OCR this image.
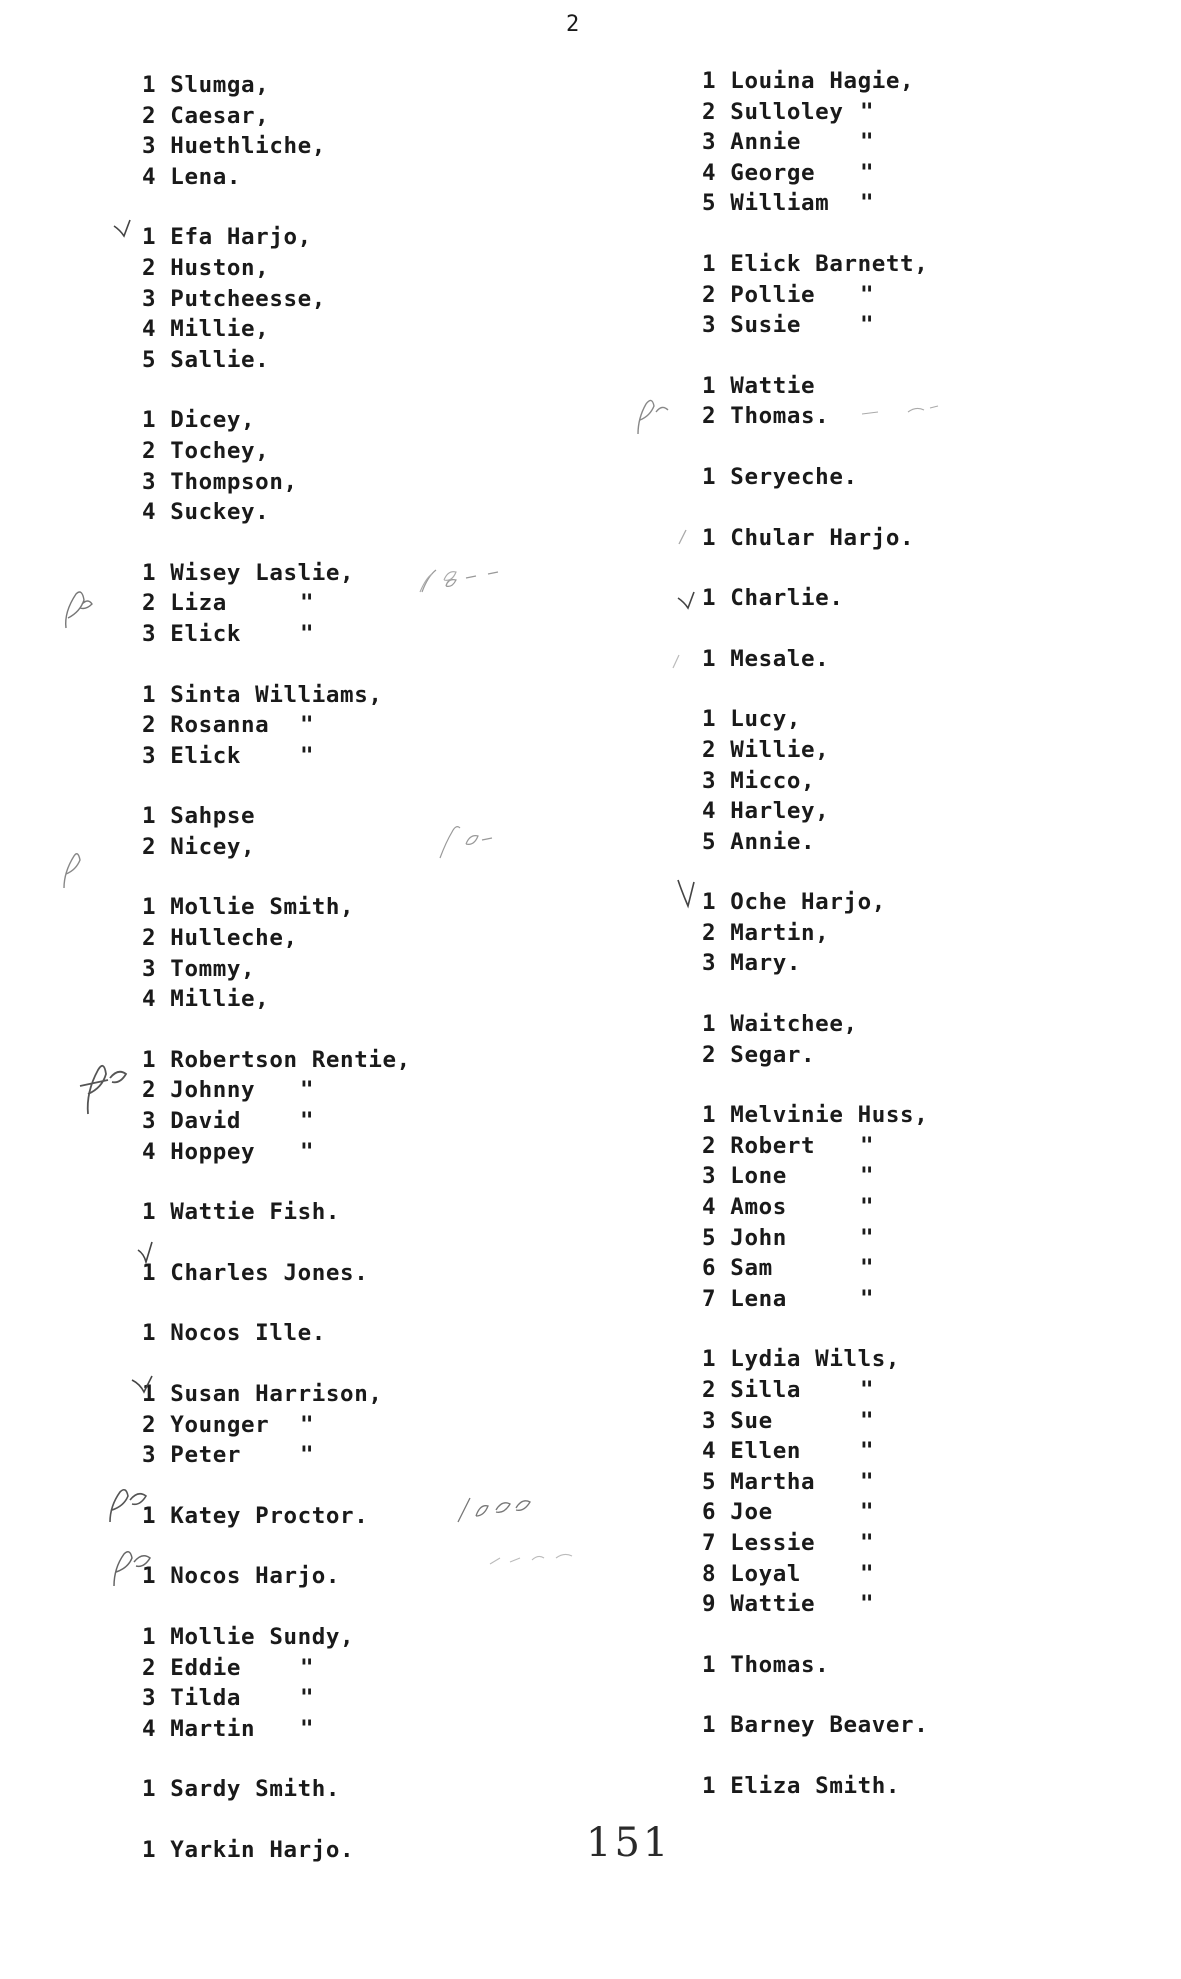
2
1 Slumga,
2 Caesar,
3 Huethliche,
4 Lena.
1 Efa Harjo,
2 Huston,
3 Putcheesse,
4 Millie,
5 Sallie.
1 Dicey,
2 Tochey,
3 Thompson,
4 Suckey.
1 Wisey Laslie,
2 Liza	"
3 Elick	"
1 Sinta Williams,
2 Rosanna	"
3 Elick	"
1 Sahpse
2 Nicey,
1 Mollie Smith,
2 Hulleche,
3 Tommy,
4 Millie,
1 Robertson Rentie,
2 Johnny	"
3 David	"
4 Hoppey	"
1 Wattie Fish.
1 Charles Jones.
1 Nocos Ille.
1 Susan Harrison,
2 Younger	"
3 Peter	"
1 Katey Proctor.
1 Nocos Harjo.
1 Mollie Sundy,
2 Eddie	"
3 Tilda	"
4 Martin	"
1 Sardy Smith.
1 Yarkin Harjo.
1 Louina Hagie,
2 Sulloley "
3 Annie	"
4 George	"
5 William	"
1 Elick Barnett,
2 Pollie	"
3 Susie	"
1 Wattie
2 Thomas.
1 Seryeche.
1 Chular Harjo.
1 Charlie.
1 Mesale.
1 Lucy,
2 Willie,
3 Micco,
4 Harley,
5 Annie.
1 Oche Harjo,
2 Martin,
3 Mary.
1 Waitchee,
2 Segar.
1 Melvinie Huss,
2 Robert	"
3 Lone	"
4 Amos	"
5 John	"
6 Sam	"
7 Lena	"
1 Lydia Wills,
2 Silla	"
3 Sue	"
4 Ellen	"
5 Martha	"
6 Joe	"
7 Lessie	"
8 Loyal	"
9 Wattie	"
1 Thomas.
1 Barney Beaver.
1 Eliza Smith.
151
